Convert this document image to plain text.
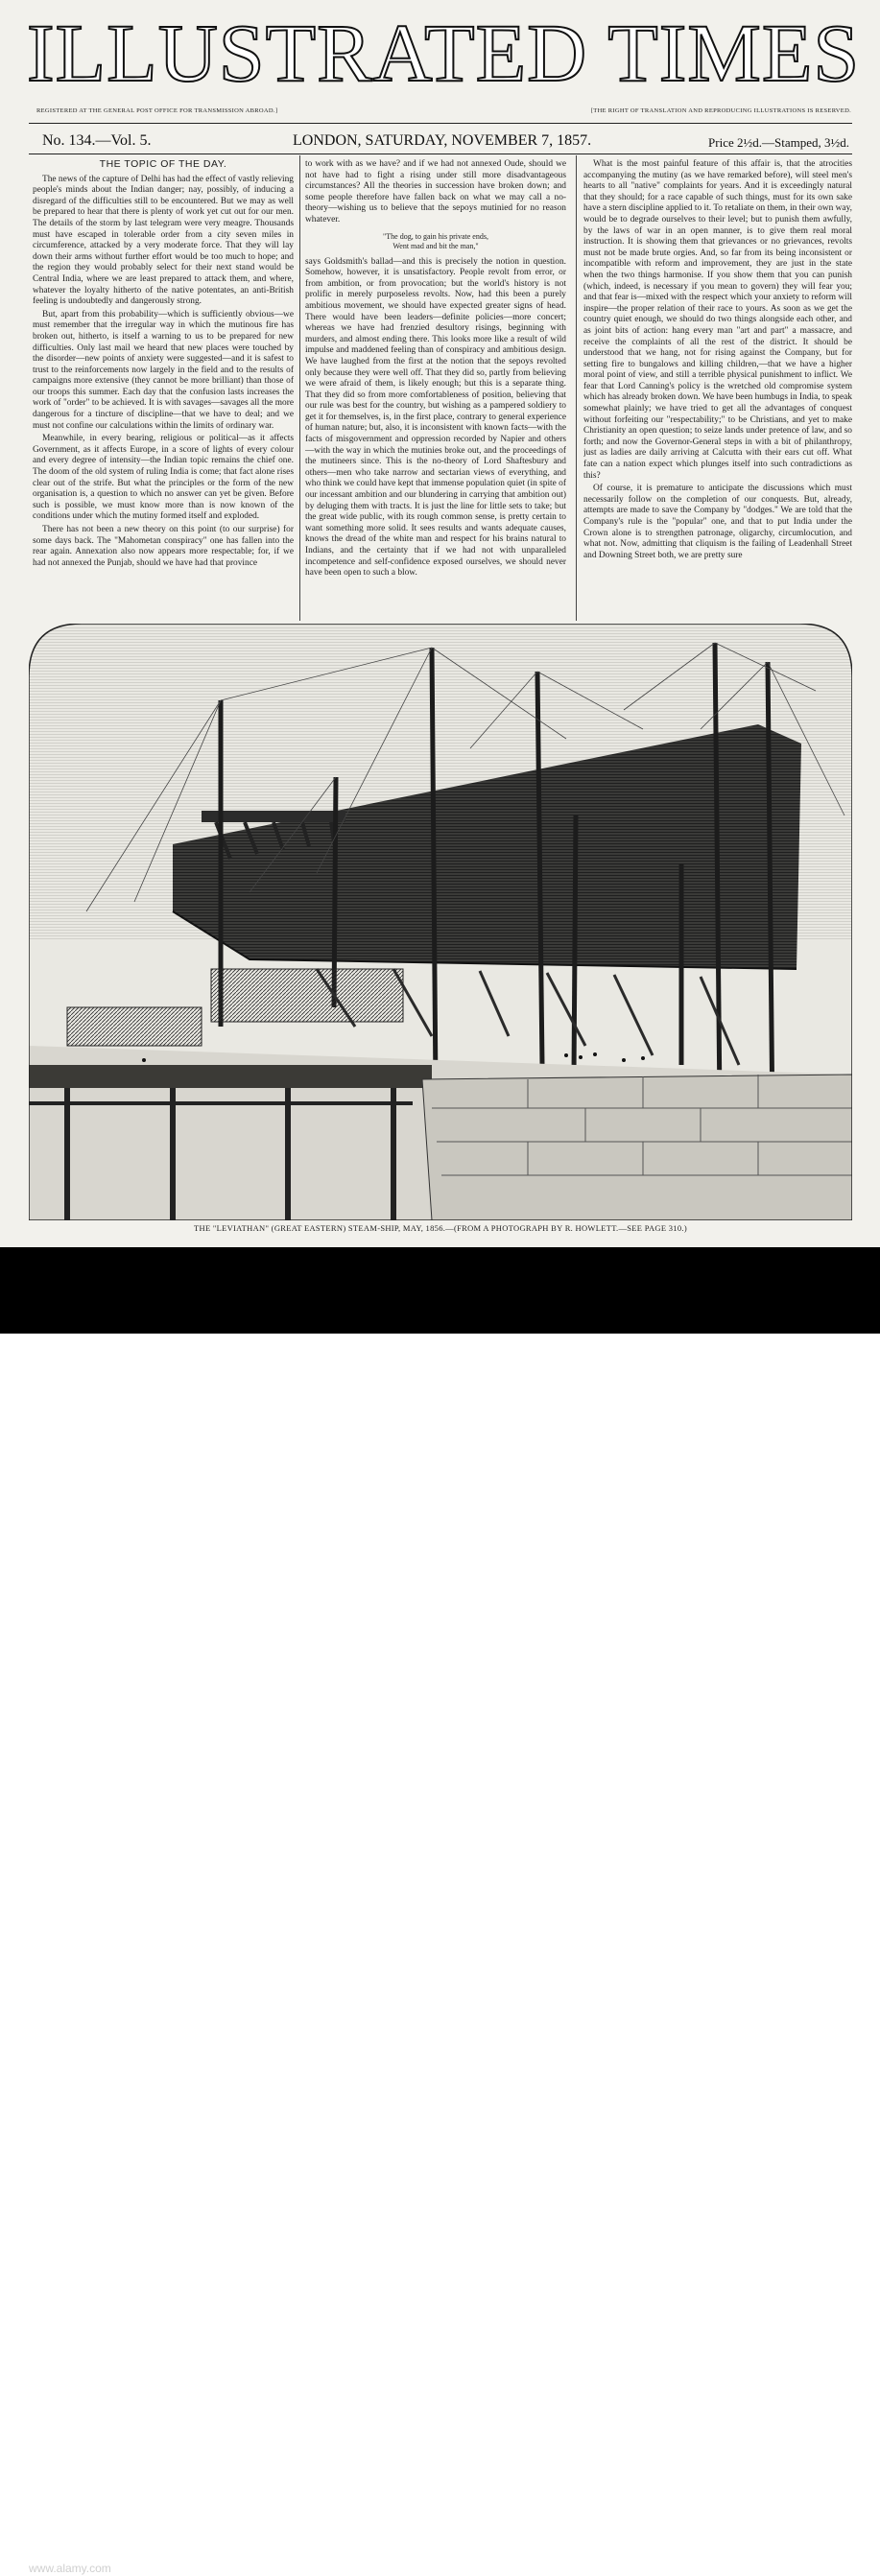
ILLUSTRATED TIMES
REGISTERED AT THE GENERAL POST OFFICE FOR TRANSMISSION ABROAD.]	[THE RIGHT OF TRANSLATION AND REPRODUCING ILLUSTRATIONS IS RESERVED.
No. 134.—Vol. 5.	LONDON, SATURDAY, NOVEMBER 7, 1857.	Price 2½d.—Stamped, 3½d.

THE TOPIC OF THE DAY.

The news of the capture of Delhi has had the effect of vastly relieving people's minds about the Indian danger; nay, possibly, of inducing a disregard of the difficulties still to be encountered. But we may as well be prepared to hear that there is plenty of work yet cut out for our men. The details of the storm by last telegram were very meagre. Thousands must have escaped in tolerable order from a city seven miles in circumference, attacked by a very moderate force. That they will lay down their arms without further effort would be too much to hope; and the region they would probably select for their next stand would be Central India, where we are least prepared to attack them, and where, whatever the loyalty hitherto of the native potentates, an anti-British feeling is undoubtedly and dangerously strong.

But, apart from this probability—which is sufficiently obvious—we must remember that the irregular way in which the mutinous fire has broken out, hitherto, is itself a warning to us to be prepared for new difficulties. Only last mail we heard that new places were touched by the disorder—new points of anxiety were suggested—and it is safest to trust to the reinforcements now largely in the field and to the results of campaigns more extensive (they cannot be more brilliant) than those of our troops this summer. Each day that the confusion lasts increases the work of "order" to be achieved. It is with savages—savages all the more dangerous for a tincture of discipline—that we have to deal; and we must not confine our calculations within the limits of ordinary war.

Meanwhile, in every bearing, religious or political—as it affects Government, as it affects Europe, in a score of lights of every colour and every degree of intensity—the Indian topic remains the chief one. The doom of the old system of ruling India is come; that fact alone rises clear out of the strife. But what the principles or the form of the new organisation is, a question to which no answer can yet be given. Before such is possible, we must know more than is now known of the conditions under which the mutiny formed itself and exploded.

There has not been a new theory on this point (to our surprise) for some days back. The "Mahometan conspiracy" one has fallen into the rear again. Annexation also now appears more respectable; for, if we had not annexed the Punjab, should we have had that province

to work with as we have? and if we had not annexed Oude, should we not have had to fight a rising under still more disadvantageous circumstances? All the theories in succession have broken down; and some people therefore have fallen back on what we may call a no-theory—wishing us to believe that the sepoys mutinied for no reason whatever.

"The dog, to gain his private ends,
Went mad and bit the man,"

says Goldsmith's ballad—and this is precisely the notion in question. Somehow, however, it is unsatisfactory. People revolt from error, or from ambition, or from provocation; but the world's history is not prolific in merely purposeless revolts. Now, had this been a purely ambitious movement, we should have expected greater signs of head. There would have been leaders—definite policies—more concert; whereas we have had frenzied desultory risings, beginning with murders, and almost ending there. This looks more like a result of wild impulse and maddened feeling than of conspiracy and ambitious design. We have laughed from the first at the notion that the sepoys revolted only because they were well off. That they did so, partly from believing we were afraid of them, is likely enough; but this is a separate thing. That they did so from more comfortableness of position, believing that our rule was best for the country, but wishing as a pampered soldiery to get it for themselves, is, in the first place, contrary to general experience of human nature; but, also, it is inconsistent with known facts—with the facts of misgovernment and oppression recorded by Napier and others—with the way in which the mutinies broke out, and the proceedings of the mutineers since. This is the no-theory of Lord Shaftesbury and others—men who take narrow and sectarian views of everything, and who think we could have kept that immense population quiet (in spite of our incessant ambition and our blundering in carrying that ambition out) by deluging them with tracts. It is just the line for little sets to take; but the great wide public, with its rough common sense, is pretty certain to want something more solid. It sees results and wants adequate causes, knows the dread of the white man and respect for his brains natural to Indians, and the certainty that if we had not with unparalleled incompetence and self-confidence exposed ourselves, we should never have been open to such a blow.

What is the most painful feature of this affair is, that the atrocities accompanying the mutiny (as we have remarked before), will steel men's hearts to all "native" complaints for years. And it is exceedingly natural that they should; for a race capable of such things, must for its own sake have a stern discipline applied to it. To retaliate on them, in their own way, would be to degrade ourselves to their level; but to punish them awfully, by the laws of war in an open manner, is to give them real moral instruction. It is showing them that grievances or no grievances, revolts must not be made brute orgies. And, so far from its being inconsistent or incompatible with reform and improvement, they are just in the state when the two things harmonise. If you show them that you can punish (which, indeed, is necessary if you mean to govern) they will fear you; and that fear is—mixed with the respect which your anxiety to reform will inspire—the proper relation of their race to yours. As soon as we get the country quiet enough, we should do two things alongside each other, and as joint bits of action: hang every man "art and part" a massacre, and receive the complaints of all the rest of the district. It should be understood that we hang, not for rising against the Company, but for setting fire to bungalows and killing children,—that we have a higher moral point of view, and still a terrible physical punishment to inflict. We fear that Lord Canning's policy is the wretched old compromise system which has already broken down. We have been humbugs in India, to speak somewhat plainly; we have tried to get all the advantages of conquest without forfeiting our "respectability;" to be Christians, and yet to make Christianity an open question; to seize lands under pretence of law, and so forth; and now the Governor-General steps in with a bit of philanthropy, just as ladies are daily arriving at Calcutta with their ears cut off. What fate can a nation expect which plunges itself into such contradictions as this?

Of course, it is premature to anticipate the discussions which must necessarily follow on the completion of our conquests. But, already, attempts are made to save the Company by "dodges." We are told that the Company's rule is the "popular" one, and that to put India under the Crown alone is to strengthen patronage, oligarchy, circumlocution, and what not. Now, admitting that cliquism is the failing of Leadenhall Street and Downing Street both, we are pretty sure

THE "LEVIATHAN" (GREAT EASTERN) STEAM-SHIP, MAY, 1856.—(FROM A PHOTOGRAPH BY R. HOWLETT.—SEE PAGE 310.)
alamy
www.alamy.com	Image ID: TXJ329
